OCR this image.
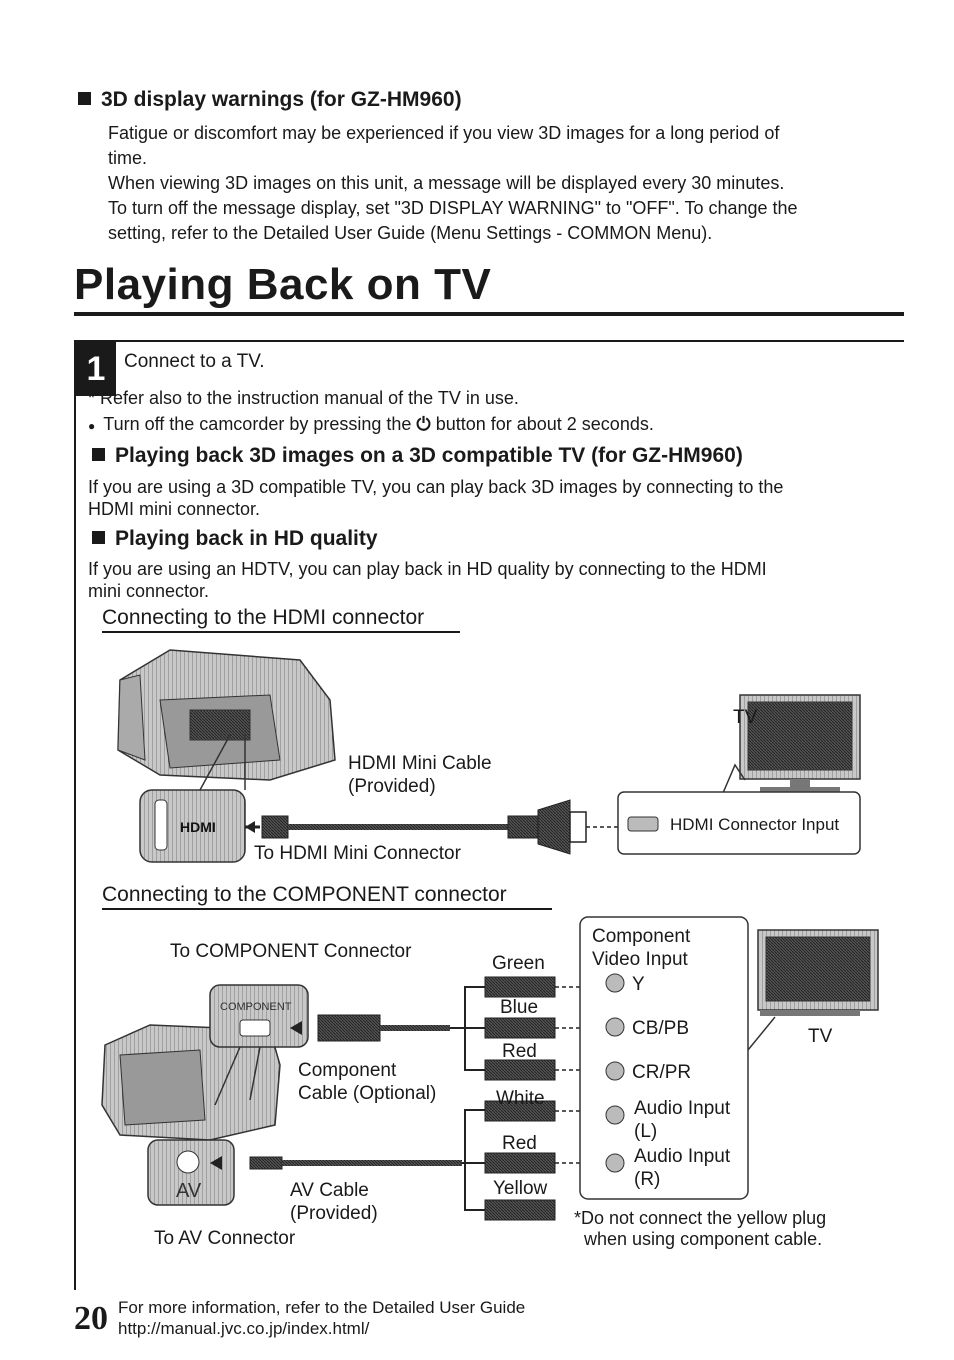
3D display warnings (for GZ-HM960)
Fatigue or discomfort may be experienced if you view 3D images for a long period of
time.
When viewing 3D images on this unit, a message will be displayed every 30 minutes.
To turn off the message display, set "3D DISPLAY WARNING" to "OFF". To change the
setting, refer to the Detailed User Guide (Menu Settings - COMMON Menu).
Playing Back on TV
1 Connect to a TV.
* Refer also to the instruction manual of the TV in use.
● Turn off the camcorder by pressing the ⏻ button for about 2 seconds.
Playing back 3D images on a 3D compatible TV (for GZ-HM960)
If you are using a 3D compatible TV, you can play back 3D images by connecting to the
HDMI mini connector.
Playing back in HD quality
If you are using an HDTV, you can play back in HD quality by connecting to the HDMI
mini connector.
Connecting to the HDMI connector
HDMI
TV
HDMI Mini Cable
(Provided)
To HDMI Mini Connector
HDMI Connector Input
Connecting to the COMPONENT connector
COMPONENT
AV
To COMPONENT Connector
Component
Cable (Optional)
AV Cable
(Provided)
To AV Connector
Green
Blue
Red
White
Red
Yellow
Component
Video Input
Y
CB/PB
CR/PR
Audio Input
(L)
Audio Input
(R)
TV
*Do not connect the yellow plug
when using component cable.
20 For more information, refer to the Detailed User Guide
http://manual.jvc.co.jp/index.html/
